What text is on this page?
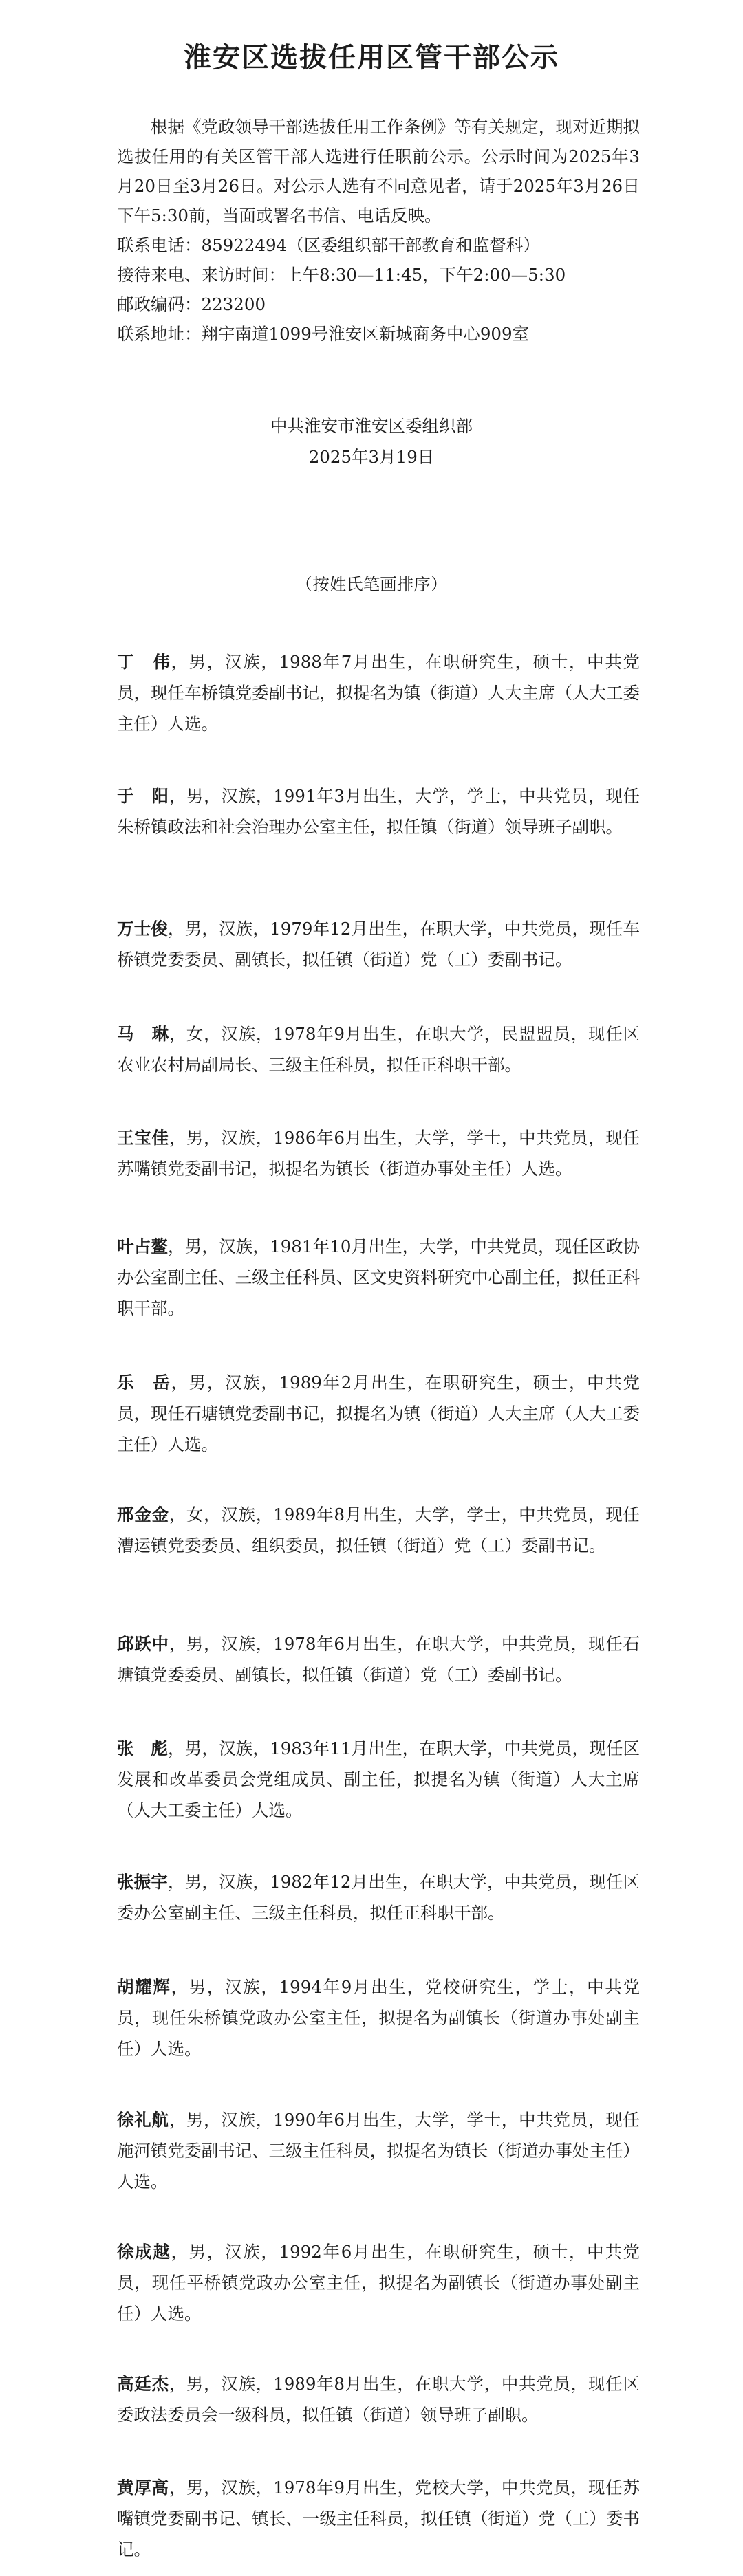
淮安区选拔任用区管干部公示
根据《党政领导干部选拔任用工作条例》等有关规定，现对近期拟选拔任用的有关区管干部人选进行任职前公示。公示时间为2025年3月20日至3月26日。对公示人选有不同意见者，请于2025年3月26日下午5:30前，当面或署名书信、电话反映。
联系电话：85922494（区委组织部干部教育和监督科）
接待来电、来访时间：上午8:30—11:45，下午2:00—5:30
邮政编码：223200
联系地址：翔宇南道1099号淮安区新城商务中心909室
中共淮安市淮安区委组织部
2025年3月19日
（按姓氏笔画排序）
丁　伟，男，汉族，1988年7月出生，在职研究生，硕士，中共党员，现任车桥镇党委副书记，拟提名为镇（街道）人大主席（人大工委主任）人选。
于　阳，男，汉族，1991年3月出生，大学，学士，中共党员，现任朱桥镇政法和社会治理办公室主任，拟任镇（街道）领导班子副职。
万士俊，男，汉族，1979年12月出生，在职大学，中共党员，现任车桥镇党委委员、副镇长，拟任镇（街道）党（工）委副书记。
马　琳，女，汉族，1978年9月出生，在职大学，民盟盟员，现任区农业农村局副局长、三级主任科员，拟任正科职干部。
王宝佳，男，汉族，1986年6月出生，大学，学士，中共党员，现任苏嘴镇党委副书记，拟提名为镇长（街道办事处主任）人选。
叶占鳌，男，汉族，1981年10月出生，大学，中共党员，现任区政协办公室副主任、三级主任科员、区文史资料研究中心副主任，拟任正科职干部。
乐　岳，男，汉族，1989年2月出生，在职研究生，硕士，中共党员，现任石塘镇党委副书记，拟提名为镇（街道）人大主席（人大工委主任）人选。
邢金金，女，汉族，1989年8月出生，大学，学士，中共党员，现任漕运镇党委委员、组织委员，拟任镇（街道）党（工）委副书记。
邱跃中，男，汉族，1978年6月出生，在职大学，中共党员，现任石塘镇党委委员、副镇长，拟任镇（街道）党（工）委副书记。
张　彪，男，汉族，1983年11月出生，在职大学，中共党员，现任区发展和改革委员会党组成员、副主任，拟提名为镇（街道）人大主席（人大工委主任）人选。
张振宇，男，汉族，1982年12月出生，在职大学，中共党员，现任区委办公室副主任、三级主任科员，拟任正科职干部。
胡耀辉，男，汉族，1994年9月出生，党校研究生，学士，中共党员，现任朱桥镇党政办公室主任，拟提名为副镇长（街道办事处副主任）人选。
徐礼航，男，汉族，1990年6月出生，大学，学士，中共党员，现任施河镇党委副书记、三级主任科员，拟提名为镇长（街道办事处主任）人选。
徐成越，男，汉族，1992年6月出生，在职研究生，硕士，中共党员，现任平桥镇党政办公室主任，拟提名为副镇长（街道办事处副主任）人选。
高廷杰，男，汉族，1989年8月出生，在职大学，中共党员，现任区委政法委员会一级科员，拟任镇（街道）领导班子副职。
黄厚高，男，汉族，1978年9月出生，党校大学，中共党员，现任苏嘴镇党委副书记、镇长、一级主任科员，拟任镇（街道）党（工）委书记。
